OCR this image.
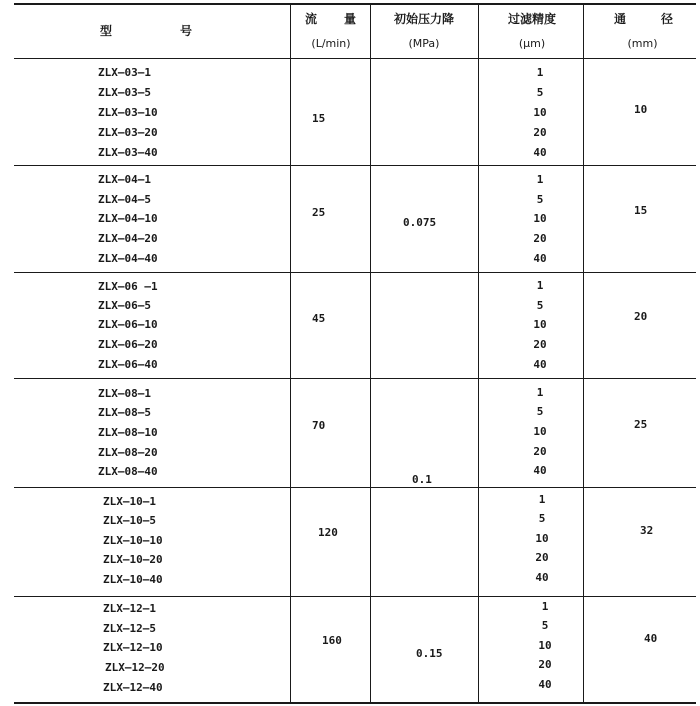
型	号
流 量
(L/min)
初始压力降
(MPa)
过滤精度
(μm)
通	径
(mm)
ZLX—03—1
ZLX—03—5
ZLX—03—10
ZLX—03—20
ZLX—03—40
15
1
5
10
20
40
10
ZLX—04—1
ZLX—04—5
ZLX—04—10
ZLX—04—20
ZLX—04—40
25
1
5
10
20
40
15
0.075
ZLX—06 —1
ZLX—06—5
ZLX—06—10
ZLX—06—20
ZLX—06—40
45
1
5
10
20
40
20
ZLX—08—1
ZLX—08—5
ZLX—08—10
ZLX—08—20
ZLX—08—40
70
1
5
10
20
40
25
0.1
ZLX—10—1
ZLX—10—5
ZLX—10—10
ZLX—10—20
ZLX—10—40
120
1
5
10
20
40
32
ZLX—12—1
ZLX—12—5
ZLX—12—10
ZLX—12—20
ZLX—12—40
160
1
5
10
20
40
40
0.15
